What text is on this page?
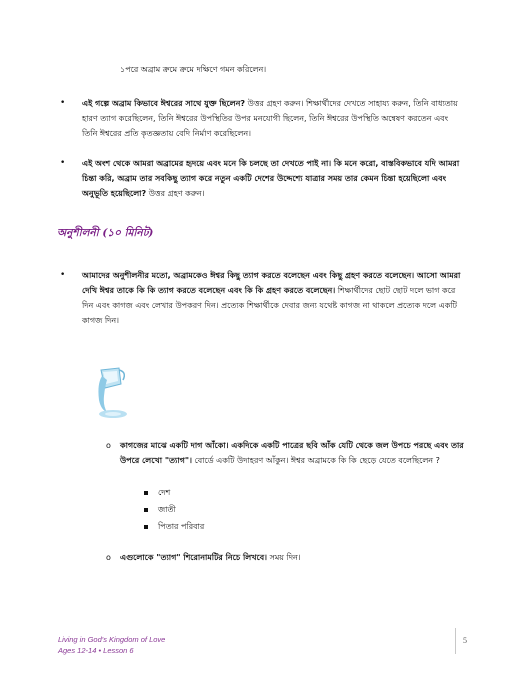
১পরে অব্রাম ক্রমে ক্রমে দক্ষিণে গমন করিলেন।
• এই গল্পে অব্রাম কিভাবে ঈশ্বরের সাথে যুক্ত ছিলেন? উত্তর গ্রহণ করুন। শিক্ষার্থীদের দেখতে সাহায্য করুন, তিনি বাধ্যতায় হারণ ত্যাগ করেছিলেন, তিনি ঈশ্বরের উপস্থিতির উপর মনযোগী ছিলেন, তিনি ঈশ্বরের উপস্থিতি অন্বেষণ করতেন এবং তিনি ঈশ্বরের প্রতি কৃতজ্ঞতায় বেদি নির্মাণ করেছিলেন।
• এই অংশ থেকে আমরা অব্রামের হৃদয়ে এবং মনে কি চলছে তা দেখতে পাই না। কি মনে করো, বাস্তবিকভাবে যদি আমরা চিন্তা করি, অব্রাম তার সবকিছু ত্যাগ করে নতুন একটি দেশের উদ্দেশ্যে যাত্রার সময় তার কেমন চিন্তা হয়েছিলো এবং অনুভূতি হয়েছিলো? উত্তর গ্রহণ করুন।
অনুশীলনী (১০ মিনিট)
• আমাদের অনুশীলনীর মতো, অব্রামকেও ঈশ্বর কিছু ত্যাগ করতে বলেছেন এবং কিছু গ্রহণ করতে বলেছেন। আসো আমরা দেখি ঈশ্বর তাকে কি কি ত্যাগ করতে বলেছেন এবং কি কি গ্রহণ করতে বলেছেন। শিক্ষার্থীদের ছোট ছোট দলে ভাগ করে দিন এবং কাগজ এবং লেখার উপকরণ দিন। প্রত্যেক শিক্ষার্থীকে দেবার জন্য যথেষ্ট কাগজ না থাকলে প্রত্যেক দলে একটি কাগজ দিন।
o কাগজের মাঝে একটি দাগ আঁকো। একদিকে একটি পাত্রের ছবি আঁক যেটি থেকে জল উপচে পরছে এবং তার উপরে লেখো "ত্যাগ"। বোর্ডে একটি উদাহরণ আঁকুন। ঈশ্বর অব্রামকে কি কি ছেড়ে যেতে বলেছিলেন ?
দেশ
জাতী
পিতার পরিবার
o এগুলোকে "ত্যাগ" শিরোনামটির নিচে লিখবে। সময় দিন।
Living in God's Kingdom of Love
Ages 12-14 • Lesson 6
5
